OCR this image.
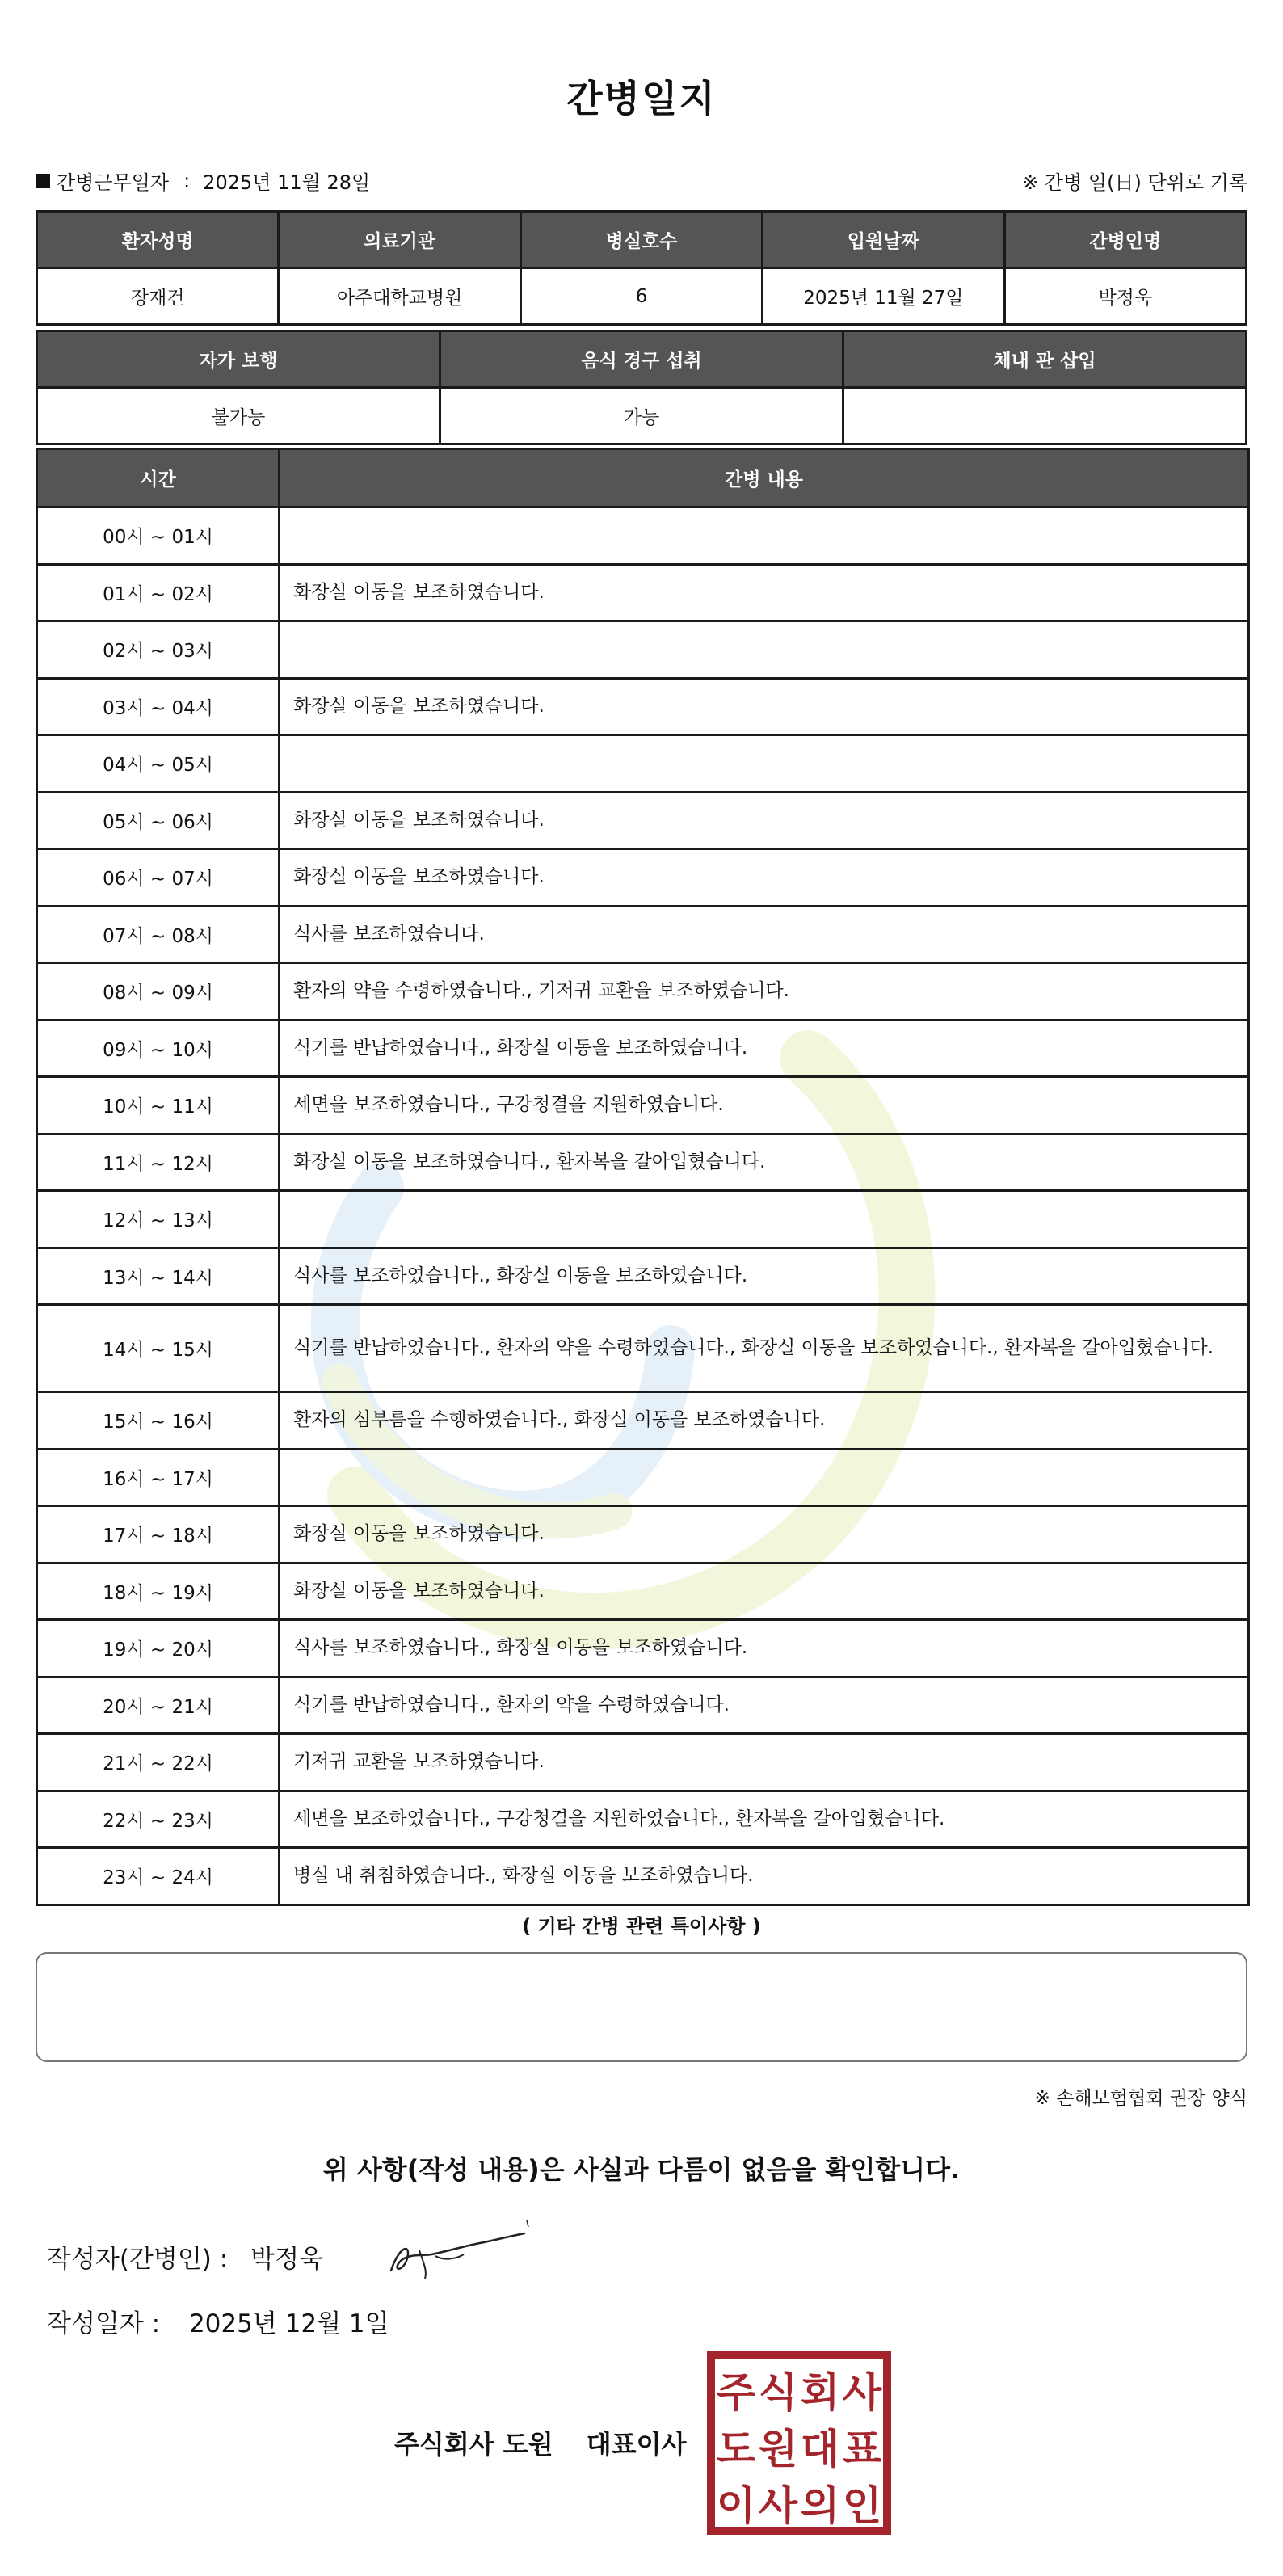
간병일지
간병근무일자 : 2025년 11월 28일	※ 간병 일(日) 단위로 기록
환자성명	의료기관	병실호수	입원날짜	간병인명
장재건	아주대학교병원	6	2025년 11월 27일	박정욱
자가 보행	음식 경구 섭취	체내 관 삽입
불가능	가능	
시간	간병 내용
00시 ~ 01시	
01시 ~ 02시	화장실 이동을 보조하였습니다.
02시 ~ 03시	
03시 ~ 04시	화장실 이동을 보조하였습니다.
04시 ~ 05시	
05시 ~ 06시	화장실 이동을 보조하였습니다.
06시 ~ 07시	화장실 이동을 보조하였습니다.
07시 ~ 08시	식사를 보조하였습니다.
08시 ~ 09시	환자의 약을 수령하였습니다., 기저귀 교환을 보조하였습니다.
09시 ~ 10시	식기를 반납하였습니다., 화장실 이동을 보조하였습니다.
10시 ~ 11시	세면을 보조하였습니다., 구강청결을 지원하였습니다.
11시 ~ 12시	화장실 이동을 보조하였습니다., 환자복을 갈아입혔습니다.
12시 ~ 13시	
13시 ~ 14시	식사를 보조하였습니다., 화장실 이동을 보조하였습니다.
14시 ~ 15시	식기를 반납하였습니다., 환자의 약을 수령하였습니다., 화장실 이동을 보조하였습니다., 환자복을 갈아입혔습니다.
15시 ~ 16시	환자의 심부름을 수행하였습니다., 화장실 이동을 보조하였습니다.
16시 ~ 17시	
17시 ~ 18시	화장실 이동을 보조하였습니다.
18시 ~ 19시	화장실 이동을 보조하였습니다.
19시 ~ 20시	식사를 보조하였습니다., 화장실 이동을 보조하였습니다.
20시 ~ 21시	식기를 반납하였습니다., 환자의 약을 수령하였습니다.
21시 ~ 22시	기저귀 교환을 보조하였습니다.
22시 ~ 23시	세면을 보조하였습니다., 구강청결을 지원하였습니다., 환자복을 갈아입혔습니다.
23시 ~ 24시	병실 내 취침하였습니다., 화장실 이동을 보조하였습니다.
( 기타 간병 관련 특이사항 )
※ 손해보험협회 권장 양식
위 사항(작성 내용)은 사실과 다름이 없음을 확인합니다.
작성자(간병인) : 박정욱
작성일자 : 2025년 12월 1일
주식회사 도원 대표이사
주 식 회 사
도 원 대 표
이 사 의 인
